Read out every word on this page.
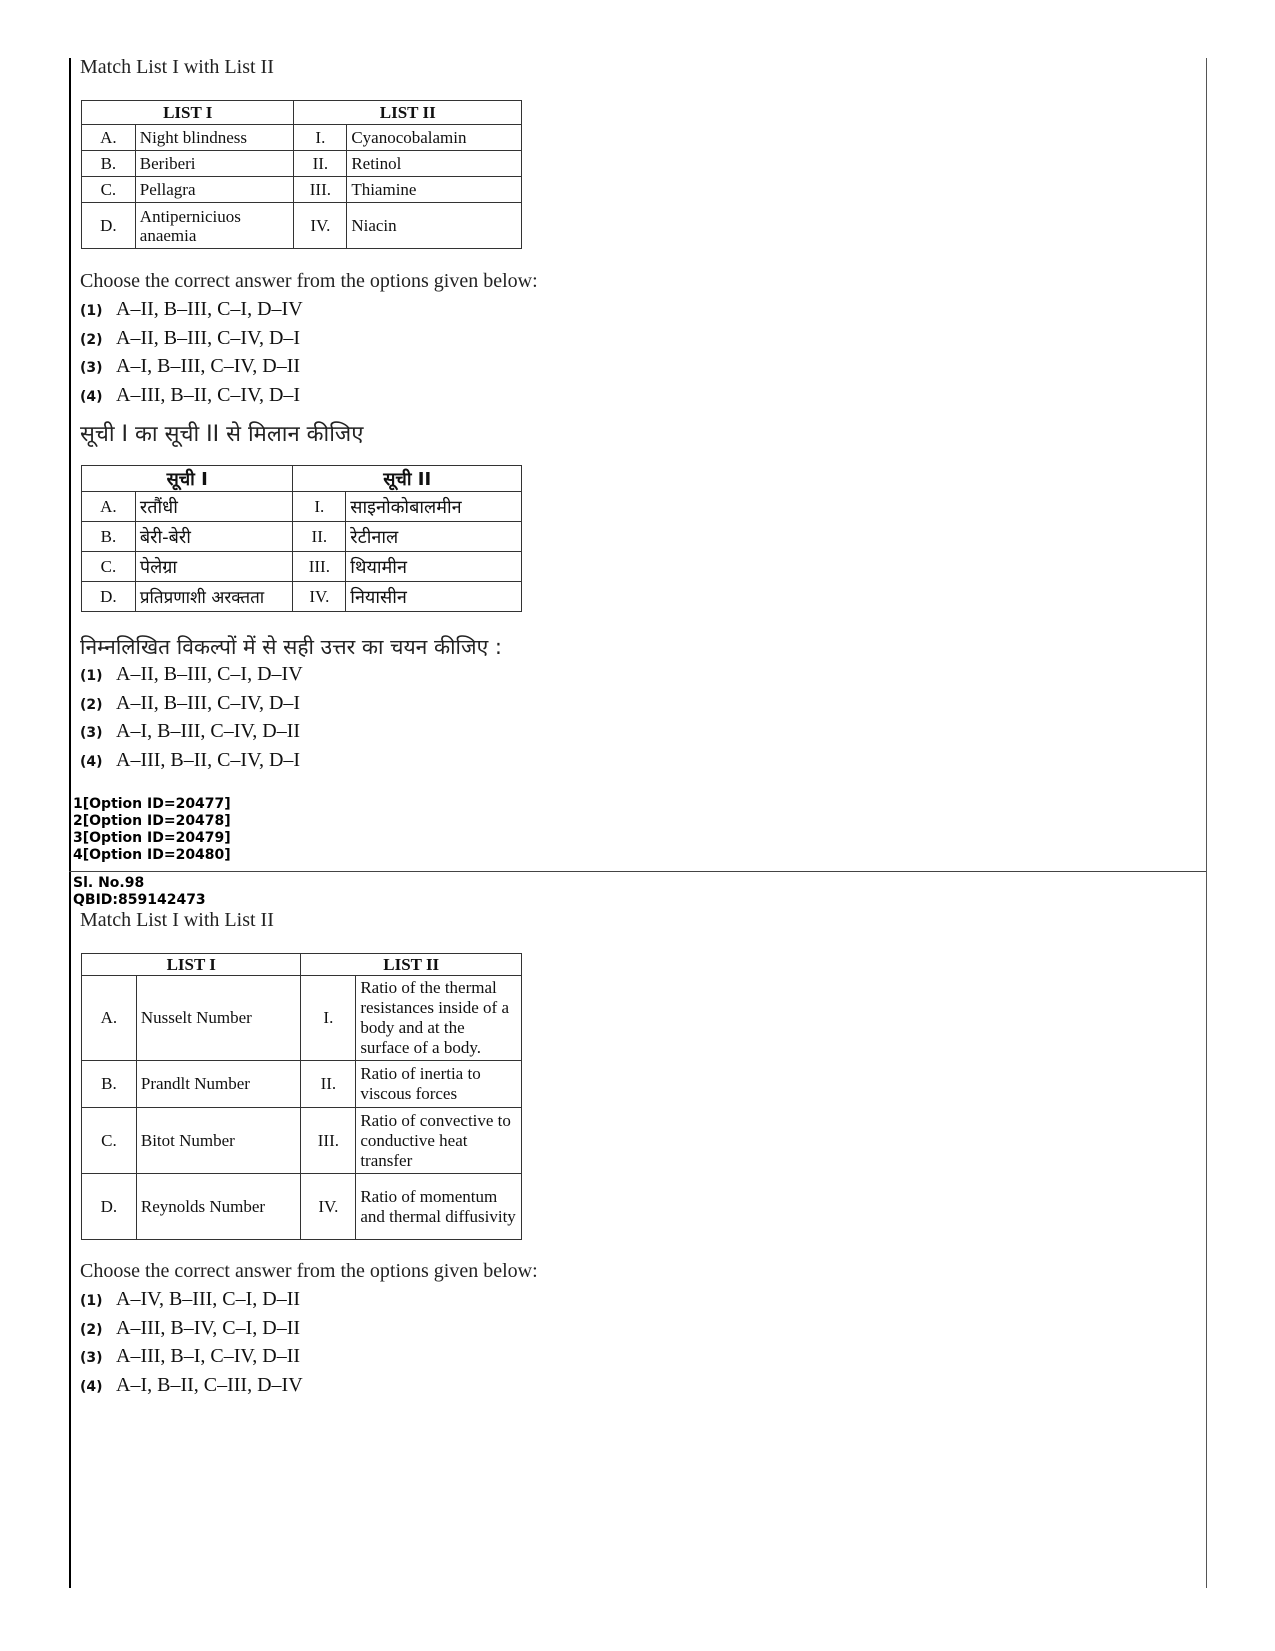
Match List I with List II
LIST I		LIST II	
A.	Night blindness	I.	Cyanocobalamin
B.	Beriberi	II.	Retinol
C.	Pellagra	III.	Thiamine
D.	Antiperniciuos anaemia	IV.	Niacin
Choose the correct answer from the options given below:
(1) A–II, B–III, C–I, D–IV
(2) A–II, B–III, C–IV, D–I
(3) A–I, B–III, C–IV, D–II
(4) A–III, B–II, C–IV, D–I
सूची I का सूची II से मिलान कीजिए
सूची I		सूची II	
A.	रतौंधी	I.	साइनोकोबालमीन
B.	बेरी-बेरी	II.	रेटीनाल
C.	पेलेग्रा	III.	थियामीन
D.	प्रतिप्रणाशी अरक्तता	IV.	नियासीन
निम्नलिखित विकल्पों में से सही उत्तर का चयन कीजिए :
(1) A–II, B–III, C–I, D–IV
(2) A–II, B–III, C–IV, D–I
(3) A–I, B–III, C–IV, D–II
(4) A–III, B–II, C–IV, D–I
1[Option ID=20477]
2[Option ID=20478]
3[Option ID=20479]
4[Option ID=20480]
Sl. No.98
QBID:859142473
Match List I with List II
LIST I		LIST II	
A.	Nusselt Number	I.	Ratio of the thermal resistances inside of a body and at the surface of a body.
B.	Prandlt Number	II.	Ratio of inertia to viscous forces
C.	Bitot Number	III.	Ratio of convective to conductive heat transfer
D.	Reynolds Number	IV.	Ratio of momentum and thermal diffusivity
Choose the correct answer from the options given below:
(1) A–IV, B–III, C–I, D–II
(2) A–III, B–IV, C–I, D–II
(3) A–III, B–I, C–IV, D–II
(4) A–I, B–II, C–III, D–IV
